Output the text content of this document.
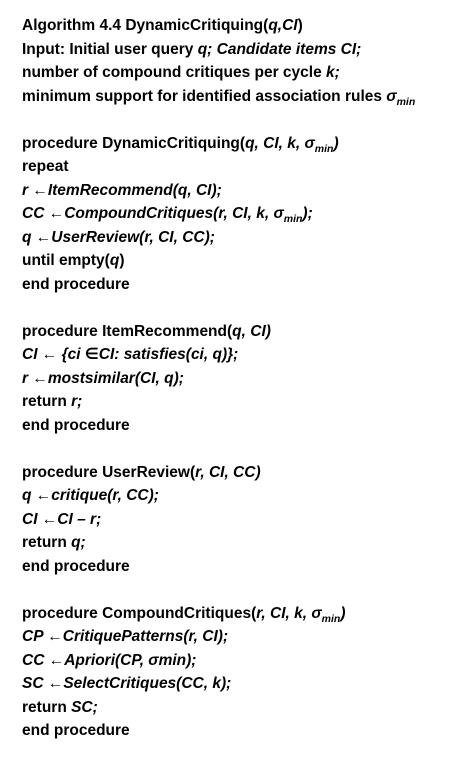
Algorithm 4.4 DynamicCritiquing(q,CI)
Input: Initial user query q; Candidate items CI;
number of compound critiques per cycle k;
minimum support for identified association rules $\sigma_{min}$
procedure DynamicCritiquing(q, CI, k, $\sigma_{min}$)
repeat
r ←ItemRecommend(q, CI);
CC ←CompoundCritiques(r, CI, k, $\sigma_{min}$);
q ←UserReview(r, CI, CC);
until empty(q)
end procedure
procedure ItemRecommend(q, CI)
CI ← {ci ∈CI: satisfies(ci, q)};
r ←mostsimilar(CI, q);
return r;
end procedure
procedure UserReview(r, CI, CC)
q ←critique(r, CC);
CI ←CI – r;
return q;
end procedure
procedure CompoundCritiques(r, CI, k, $\sigma_{min}$)
CP ←CritiquePatterns(r, CI);
CC ←Apriori(CP, σmin);
SC ←SelectCritiques(CC, k);
return SC;
end procedure
